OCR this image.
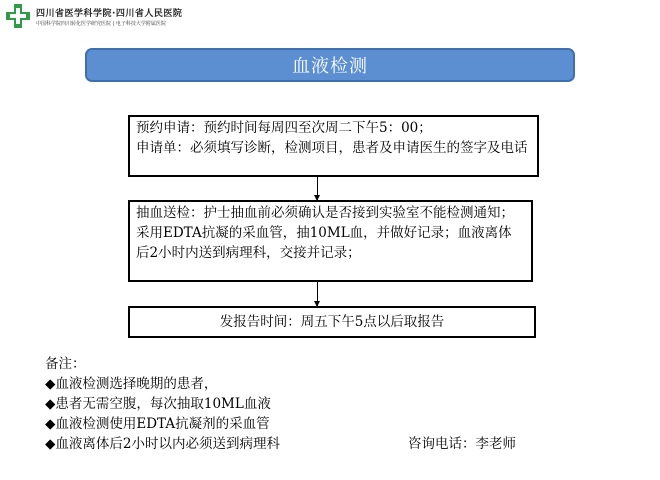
四川省医学科学院·四川省人民医院
中国科学院四川转化医学研究医院 | 电子科技大学附属医院
血液检测
预约申请：预约时间每周四至次周二下午5：00；
申请单：必须填写诊断，检测项目，患者及申请医生的签字及电话
抽血送检：护士抽血前必须确认是否接到实验室不能检测通知；采用EDTA抗凝的采血管，抽10ML血，并做好记录；血液离体后2小时内送到病理科，交接并记录；
发报告时间：周五下午5点以后取报告
备注：
◆血液检测选择晚期的患者，
◆患者无需空腹，每次抽取10ML血液
◆血液检测使用EDTA抗凝剂的采血管
◆血液离体后2小时以内必须送到病理科	咨询电话：李老师
